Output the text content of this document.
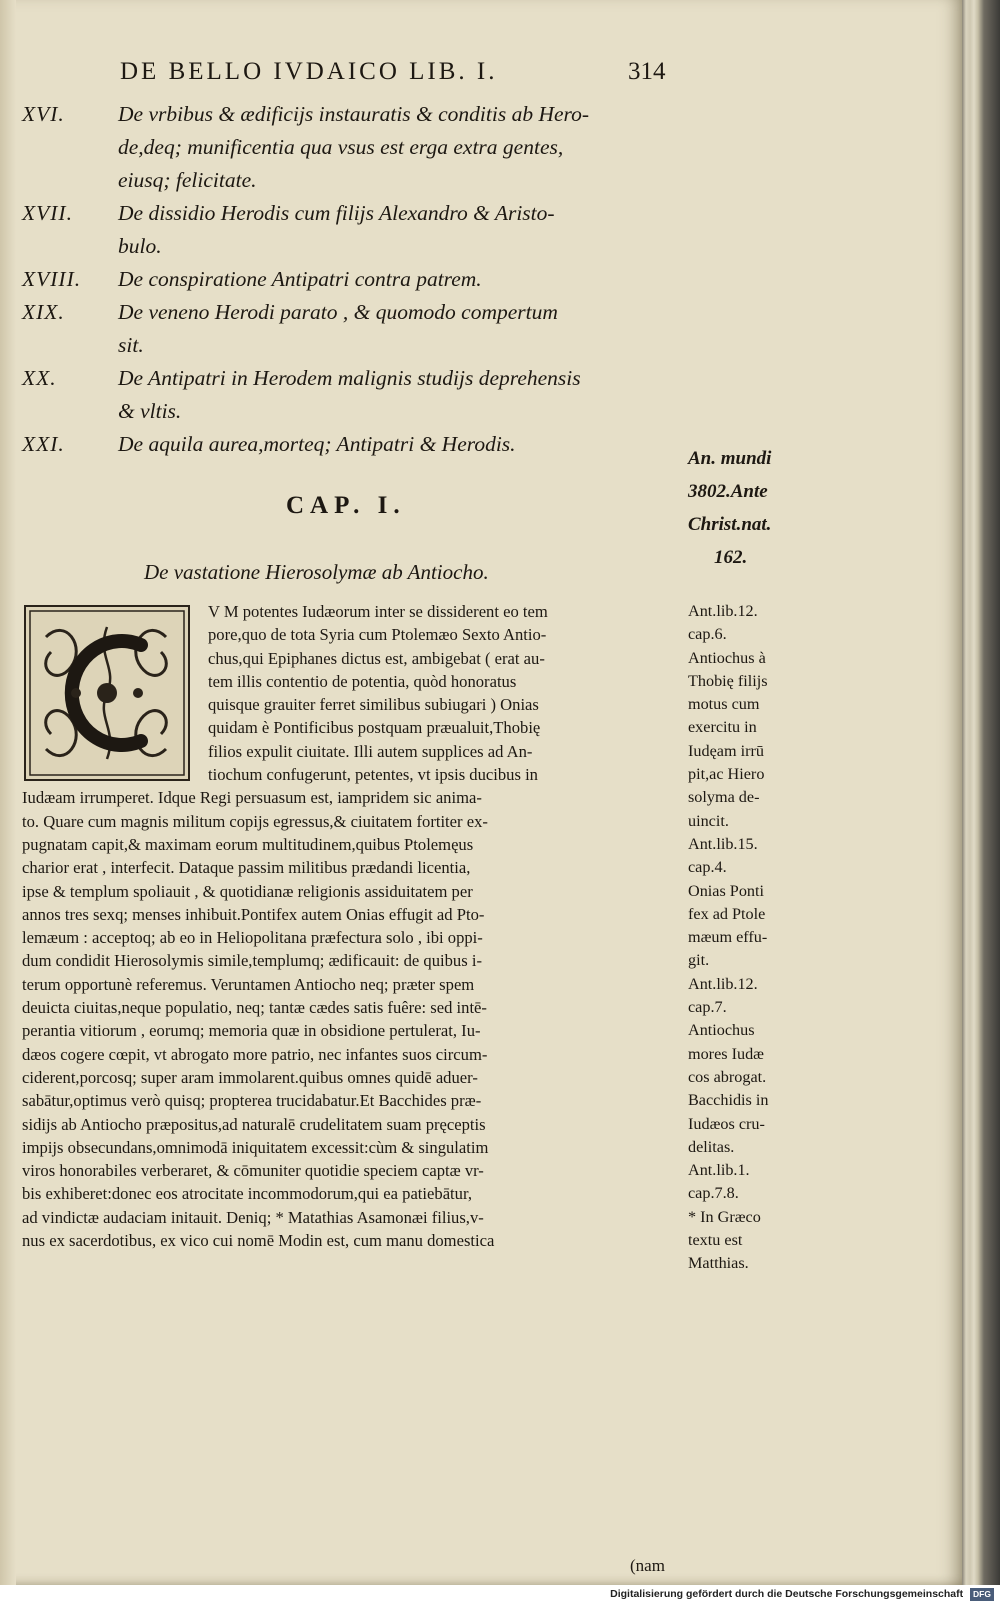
DE BELLO IVDAICO LIB. I.	314
XVI.	De vrbibus & ædificijs instauratis & conditis ab Hero-
de,deq; munificentia qua vsus est erga extra gentes,
eiusq; felicitate.
XVII.	De dissidio Herodis cum filijs Alexandro & Aristo-
bulo.
XVIII.	De conspiratione Antipatri contra patrem.
XIX.	De veneno Herodi parato , & quomodo compertum
sit.
XX.	De Antipatri in Herodem malignis studijs deprehensis
& vltis.
XXI.	De aquila aurea,morteq; Antipatri & Herodis.
An. mundi
3802.Ante
Christ.nat.
162.
CAP. I.
De vastatione Hierosolymæ ab Antiocho.
V M potentes Iudæorum inter se dissiderent eo tem
pore,quo de tota Syria cum Ptolemæo Sexto Antio-
chus,qui Epiphanes dictus est, ambigebat ( erat au-
tem illis contentio de potentia, quòd honoratus
quisque grauiter ferret similibus subiugari ) Onias
quidam è Pontificibus postquam præualuit,Thobię
filios expulit ciuitate. Illi autem supplices ad An-
tiochum confugerunt, petentes, vt ipsis ducibus in
Iudæam irrumperet. Idque Regi persuasum est, iampridem sic anima-
to. Quare cum magnis militum copijs egressus,& ciuitatem fortiter ex-
pugnatam capit,& maximam eorum multitudinem,quibus Ptolemęus
charior erat , interfecit. Dataque passim militibus prædandi licentia,
ipse & templum spoliauit , & quotidianæ religionis assiduitatem per
annos tres sexq; menses inhibuit.Pontifex autem Onias effugit ad Pto-
lemæum : acceptoq; ab eo in Heliopolitana præfectura solo , ibi oppi-
dum condidit Hierosolymis simile,templumq; ædificauit: de quibus i-
terum opportunè referemus. Veruntamen Antiocho neq; præter spem
deuicta ciuitas,neque populatio, neq; tantæ cædes satis fuêre: sed intē-
perantia vitiorum , eorumq; memoria quæ in obsidione pertulerat, Iu-
dæos cogere cœpit, vt abrogato more patrio, nec infantes suos circum-
ciderent,porcosq; super aram immolarent.quibus omnes quidē aduer-
sabātur,optimus verò quisq; propterea trucidabatur.Et Bacchides præ-
sidijs ab Antiocho præpositus,ad naturalē crudelitatem suam pręceptis
impijs obsecundans,omnimodā iniquitatem excessit:cùm & singulatim
viros honorabiles verberaret, & cōmuniter quotidie speciem captæ vr-
bis exhiberet:donec eos atrocitate incommodorum,qui ea patiebātur,
ad vindictæ audaciam initauit. Deniq; * Matathias Asamonæi filius,v-
nus ex sacerdotibus, ex vico cui nomē Modin est, cum manu domestica
Ant.lib.12.
cap.6.
Antiochus à
Thobię filijs
motus cum
exercitu in
Iudęam irrū
pit,ac Hiero
solyma de-
uincit.
Ant.lib.15.
cap.4.
Onias Ponti
fex ad Ptole
mæum effu-
git.
Ant.lib.12.
cap.7.
Antiochus
mores Iudæ
cos abrogat.
Bacchidis in
Iudæos cru-
delitas.
Ant.lib.1.
cap.7.8.
* In Græco
textu est
Matthias.
(nam
Digitalisierung gefördert durch die Deutsche Forschungsgemeinschaft DFG
